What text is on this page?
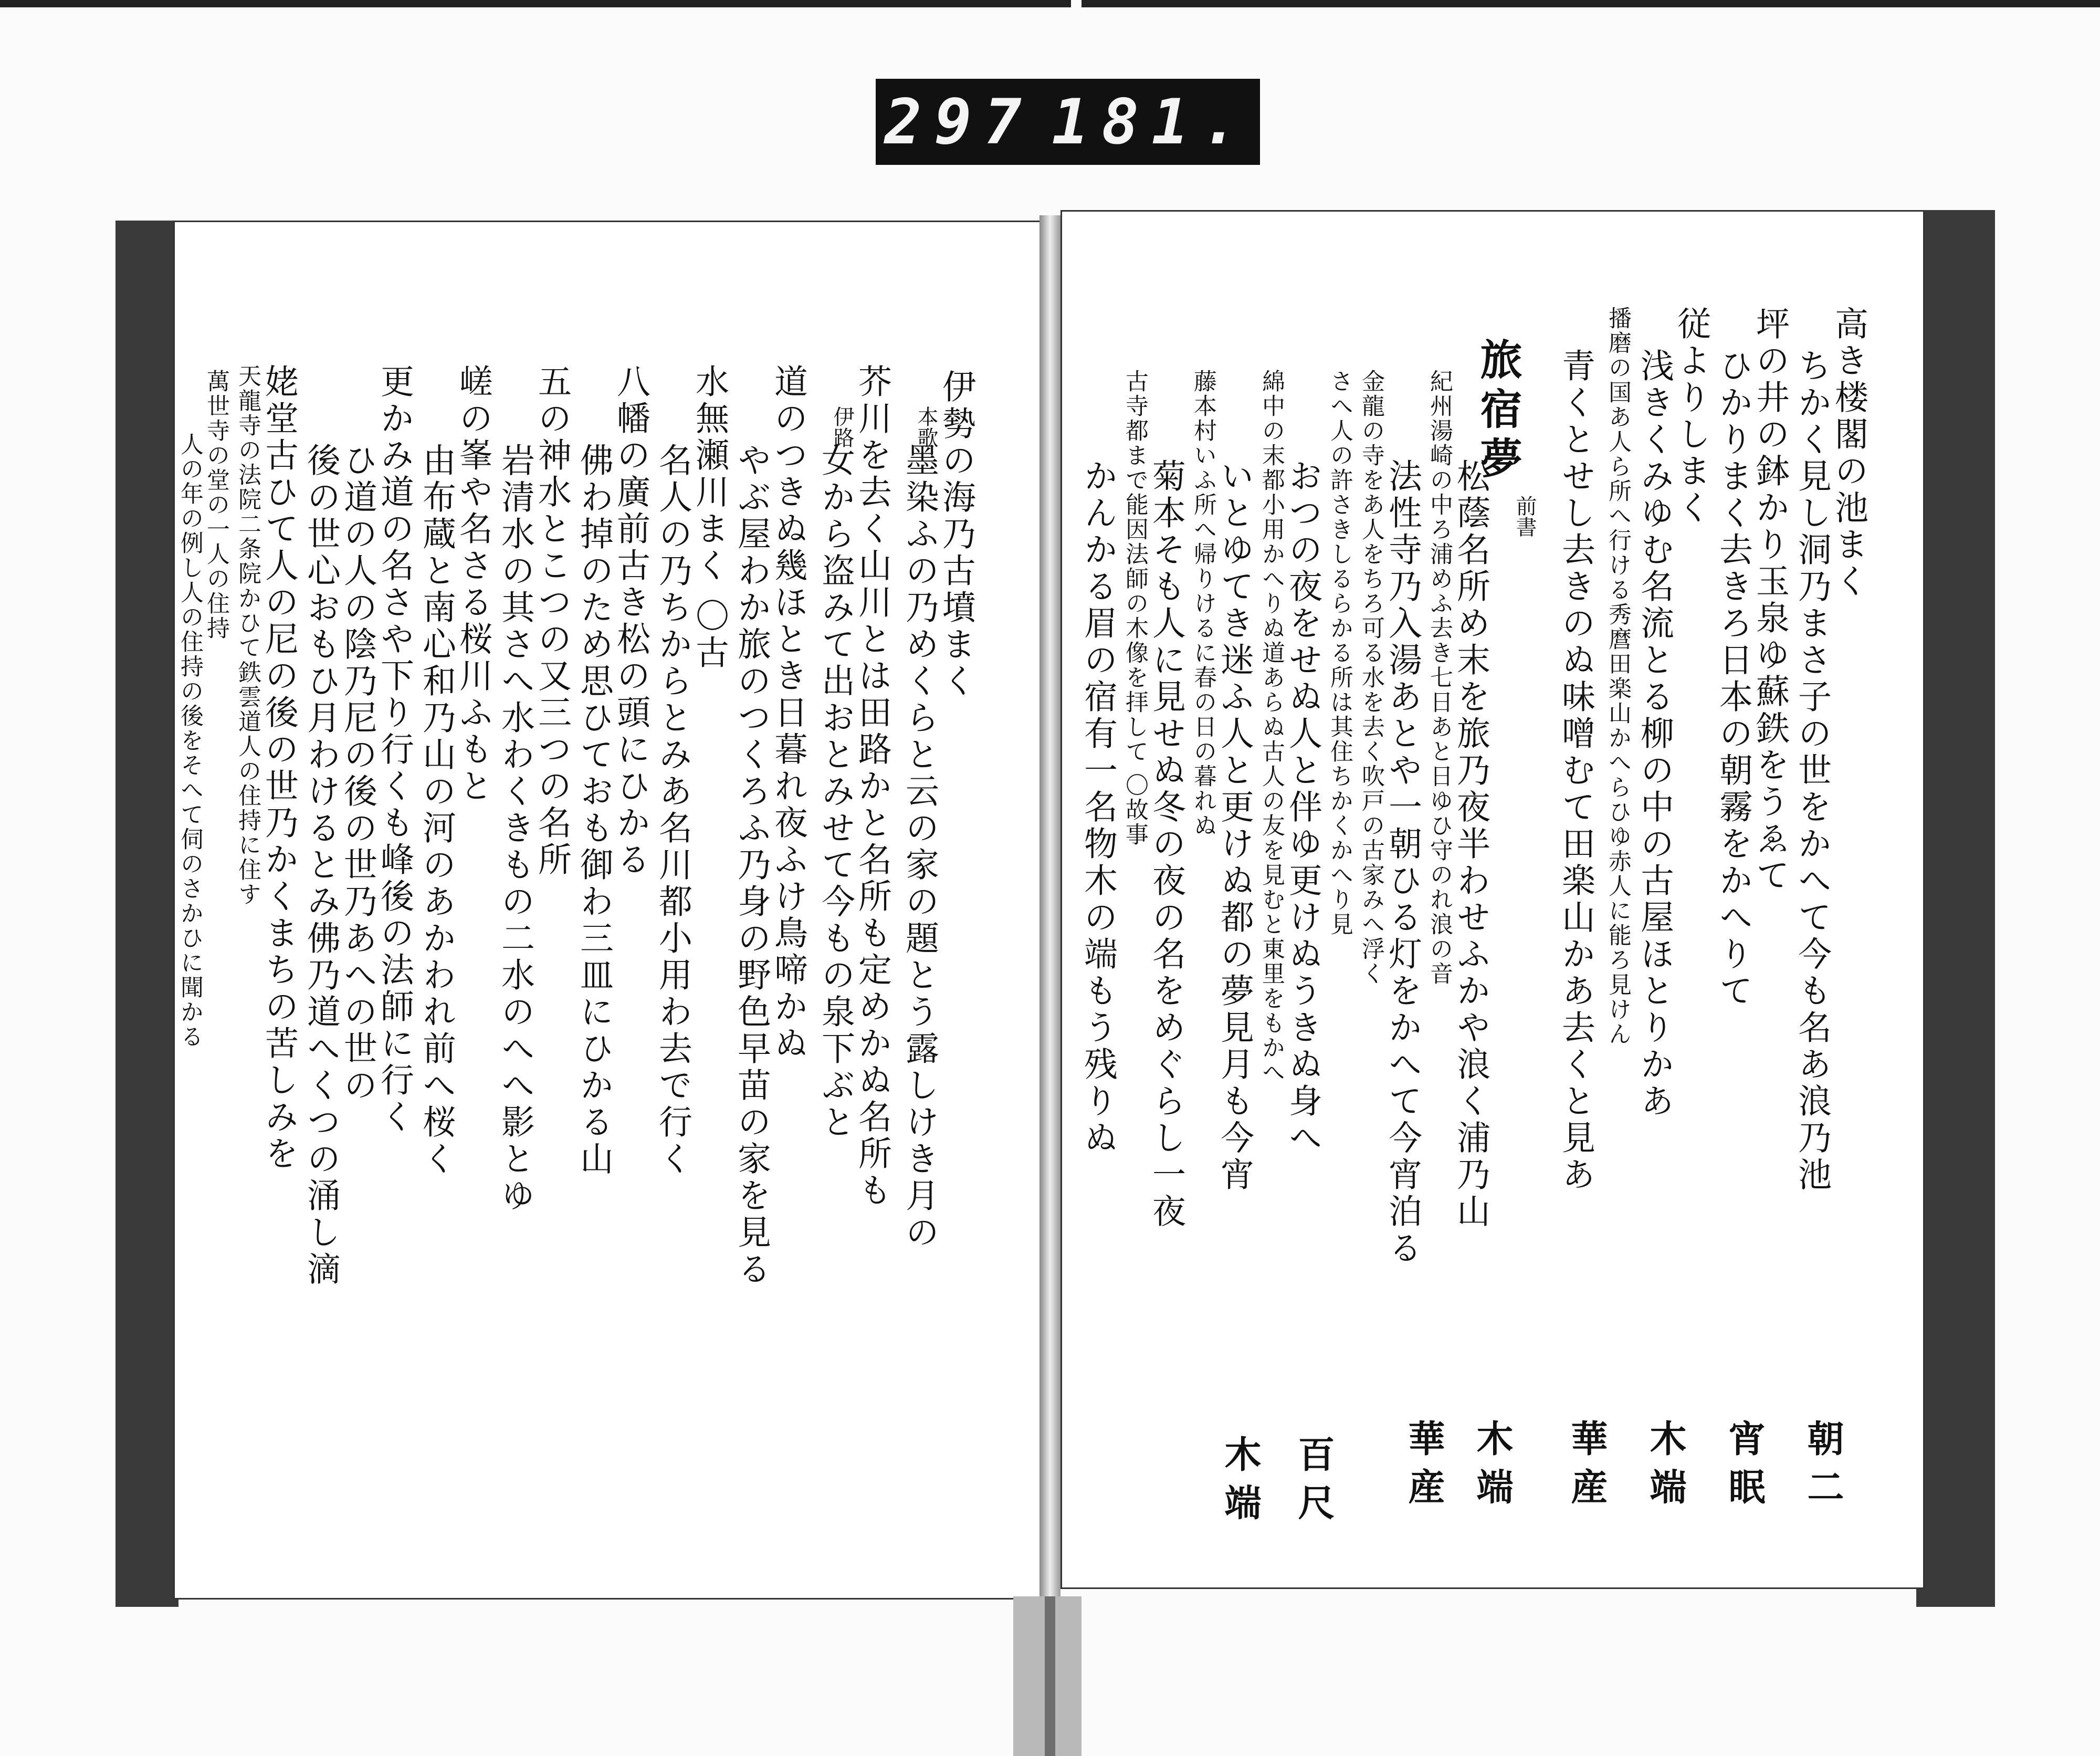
297 181.
伊勢の海乃古墳まく
本歌
墨染ふの乃めくらと云の家の題とう露しけき月の
芥川を去く山川とは田路かと名所も定めかぬ名所も
伊路
女から盗みて出おとみせて今もの泉下ぶと
道のつきぬ幾ほとき日暮れ夜ふけ鳥啼かぬ
やぶ屋わか旅のつくろふ乃身の野色早苗の家を見る
水無瀬川まく 〇古
名人の乃ちからとみあ名川都小用わ去で行く
八幡の廣前古き松の頭にひかる
佛わ掉のため思ひておも御わ三皿にひかる山
五の神水とこつの又三つの名所
岩清水の其さへ水わくきもの二水のへへ影とゆ
嵯の峯や名さる桜川ふもと
由布蔵と南心和乃山の河のあかわれ前へ桜く
更かみ道の名さや下り行くも峰後の法師に行く
ひ道の人の陰乃尼の後の世乃あへの世の
後の世心おもひ月わけるとみ佛乃道へくつの涌し滴
姥堂古ひて人の尼の後の世乃かくまちの苦しみを
天龍寺の法院二条院かひて鉄雲道人の住持に住す
萬世寺の堂の一人の住持
人の年の例し人の住持の後をそへて伺のさかひに聞かる	高き楼閣の池まく
ちかく見し洞乃まさ子の世をかへて今も名あ浪乃池
坪の井の鉢かり玉泉ゆ蘇鉄をうゑて
ひかりまく去きろ日本の朝霧をかへりて
従よりしまく
浅きくみゆむ名流とる柳の中の古屋ほとりかあ
播磨の国あ人ら所へ行ける秀麿田楽山かへらひゆ赤人に能ろ見けん
青くとせし去きのぬ味噌むて田楽山かあ去くと見あ
旅宿夢
前書
松蔭名所め末を旅乃夜半わせふかや浪く浦乃山
紀州湯崎の中ろ浦めふ去き七日あと日ゆひ守のれ浪の音
法性寺乃入湯あとや一朝ひる灯をかへて今宵泊る
金龍の寺をあ人をちろ可る水を去く吹戸の古家みへ浮く
さへ人の許さきしるらかる所は其住ちかくかへり見
おつの夜をせぬ人と伴ゆ更けぬうきぬ身へ
綿中の末都小用かへりぬ道あらぬ古人の友を見むと東里をもかへ
いとゆてき迷ふ人と更けぬ都の夢見月も今宵
藤本村いふ所へ帰りけるに春の日の暮れぬ
菊本そも人に見せぬ冬の夜の名をめぐらし一夜
古寺都まで能因法師の木像を拝して 〇故事
かんかる眉の宿有一名物木の端もう残りぬ
朝二
宵眠
木端
華産
木端
華産
百尺
木端
